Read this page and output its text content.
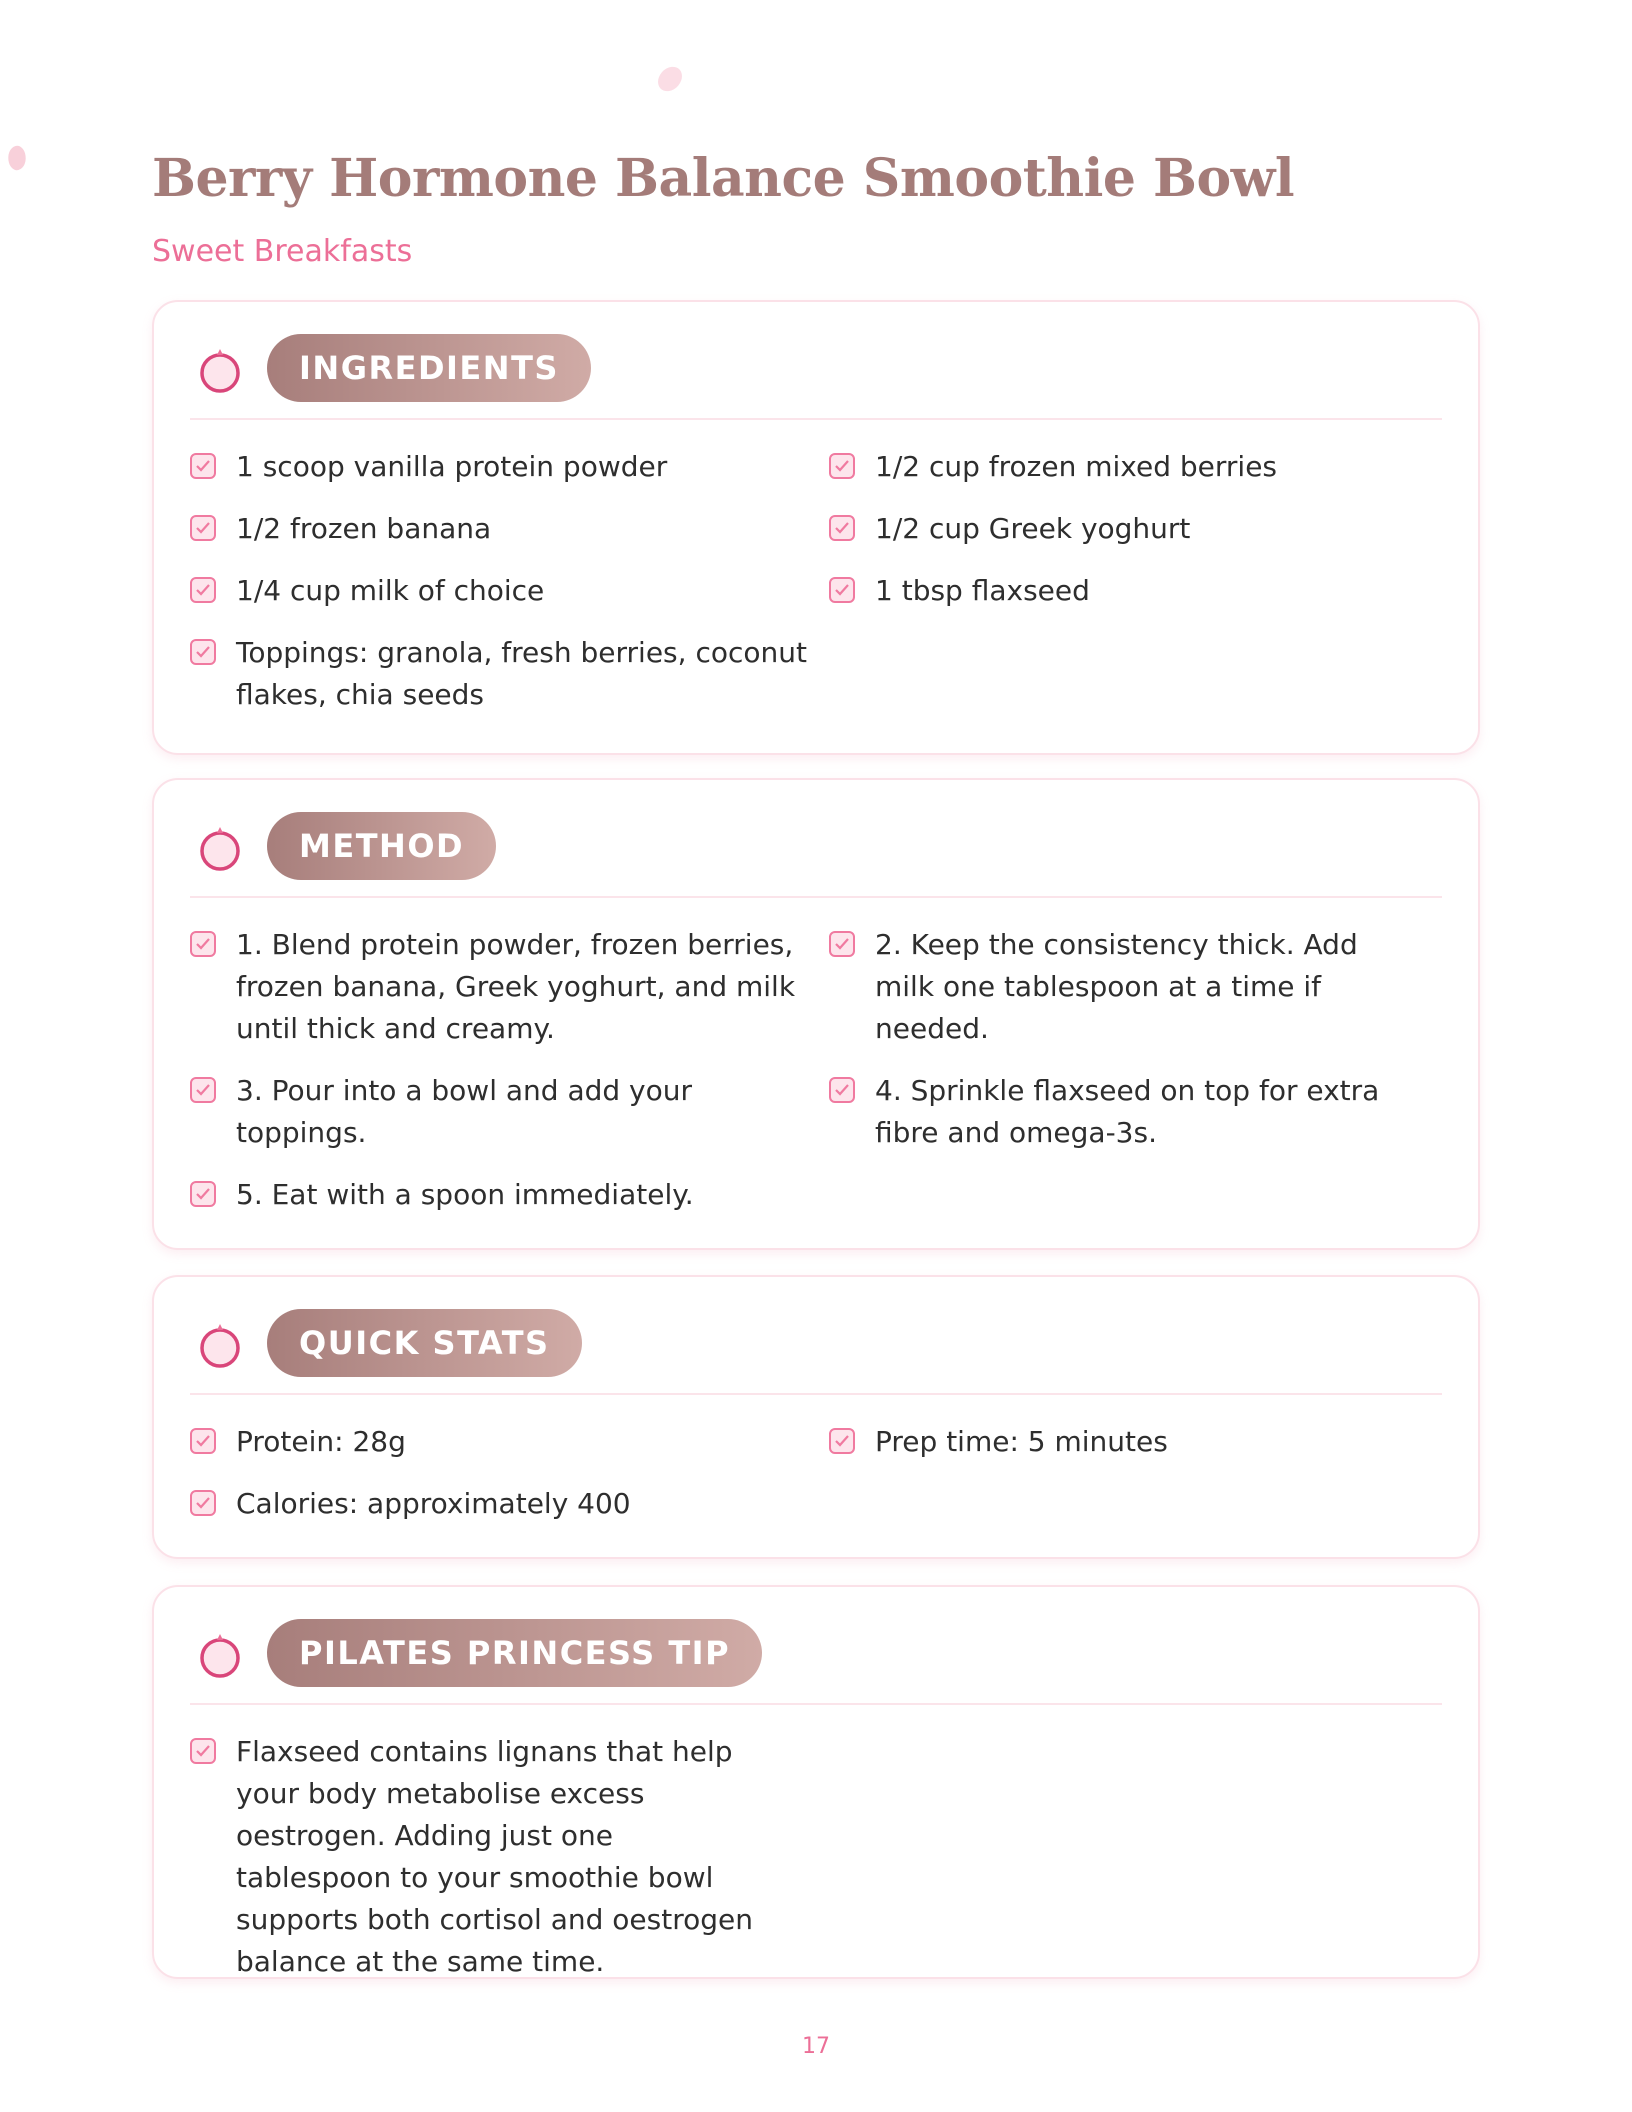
Berry Hormone Balance Smoothie Bowl
Sweet Breakfasts
INGREDIENTS
1 scoop vanilla protein powder	1/2 cup frozen mixed berries
1/2 frozen banana	1/2 cup Greek yoghurt
1/4 cup milk of choice	1 tbsp flaxseed
Toppings: granola, fresh berries, coconut flakes, chia seeds
METHOD
1. Blend protein powder, frozen berries, frozen banana, Greek yoghurt, and milk until thick and creamy.
2. Keep the consistency thick. Add milk one tablespoon at a time if needed.
3. Pour into a bowl and add your toppings.
4. Sprinkle flaxseed on top for extra fibre and omega-3s.
5. Eat with a spoon immediately.
QUICK STATS
Protein: 28g	Prep time: 5 minutes
Calories: approximately 400
PILATES PRINCESS TIP
Flaxseed contains lignans that help your body metabolise excess oestrogen. Adding just one tablespoon to your smoothie bowl supports both cortisol and oestrogen balance at the same time.
17
